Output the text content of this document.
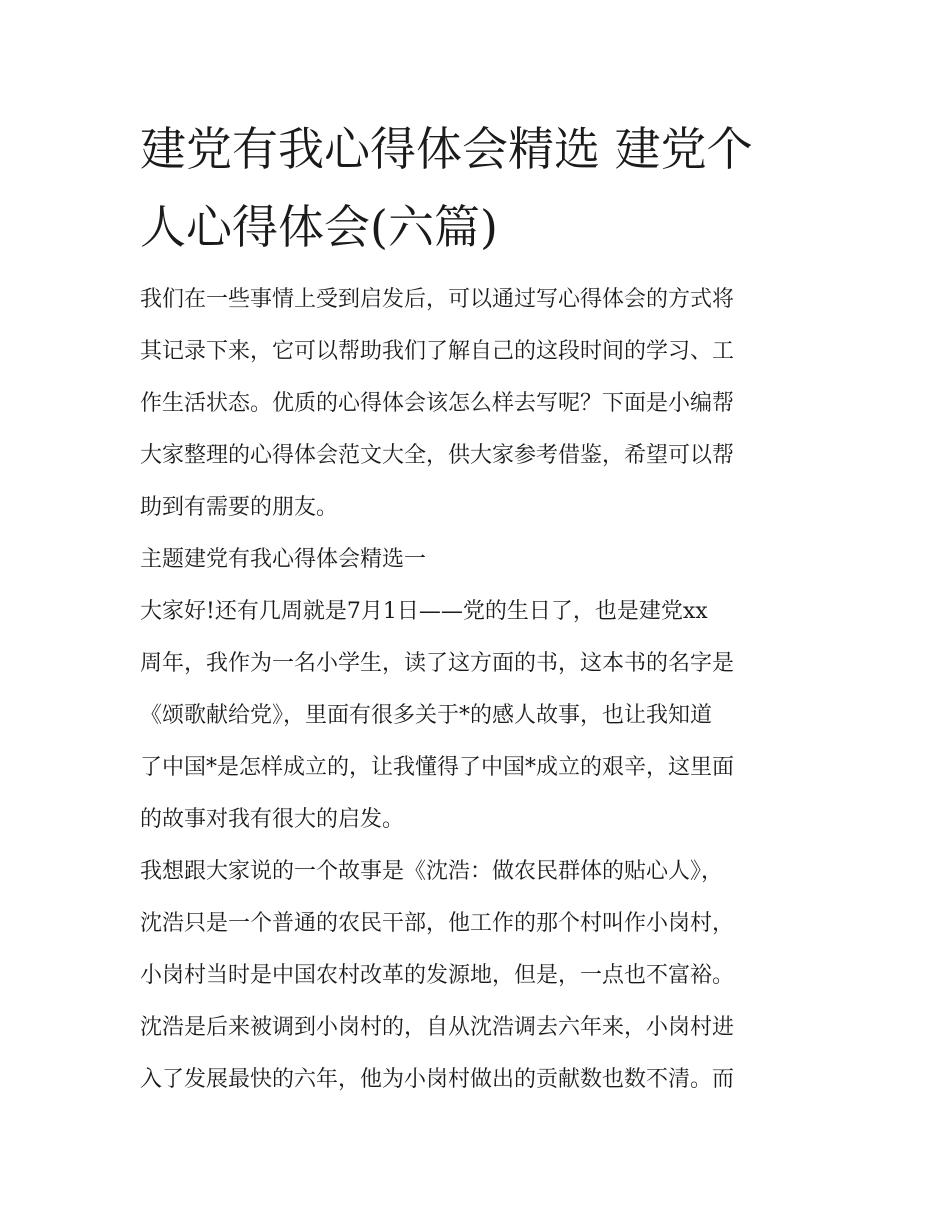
建党有我心得体会精选 建党个
人心得体会(六篇)

我们在一些事情上受到启发后，可以通过写心得体会的方式将
其记录下来，它可以帮助我们了解自己的这段时间的学习、工
作生活状态。优质的心得体会该怎么样去写呢？下面是小编帮
大家整理的心得体会范文大全，供大家参考借鉴，希望可以帮
助到有需要的朋友。

主题建党有我心得体会精选一

大家好!还有几周就是7月1日——党的生日了，也是建党xx
周年，我作为一名小学生，读了这方面的书，这本书的名字是
《颂歌献给党》，里面有很多关于*的感人故事，也让我知道
了中国*是怎样成立的，让我懂得了中国*成立的艰辛，这里面
的故事对我有很大的启发。

我想跟大家说的一个故事是《沈浩：做农民群体的贴心人》，
沈浩只是一个普通的农民干部，他工作的那个村叫作小岗村，
小岗村当时是中国农村改革的发源地，但是，一点也不富裕。
沈浩是后来被调到小岗村的，自从沈浩调去六年来，小岗村进
入了发展最快的六年，他为小岗村做出的贡献数也数不清。而
